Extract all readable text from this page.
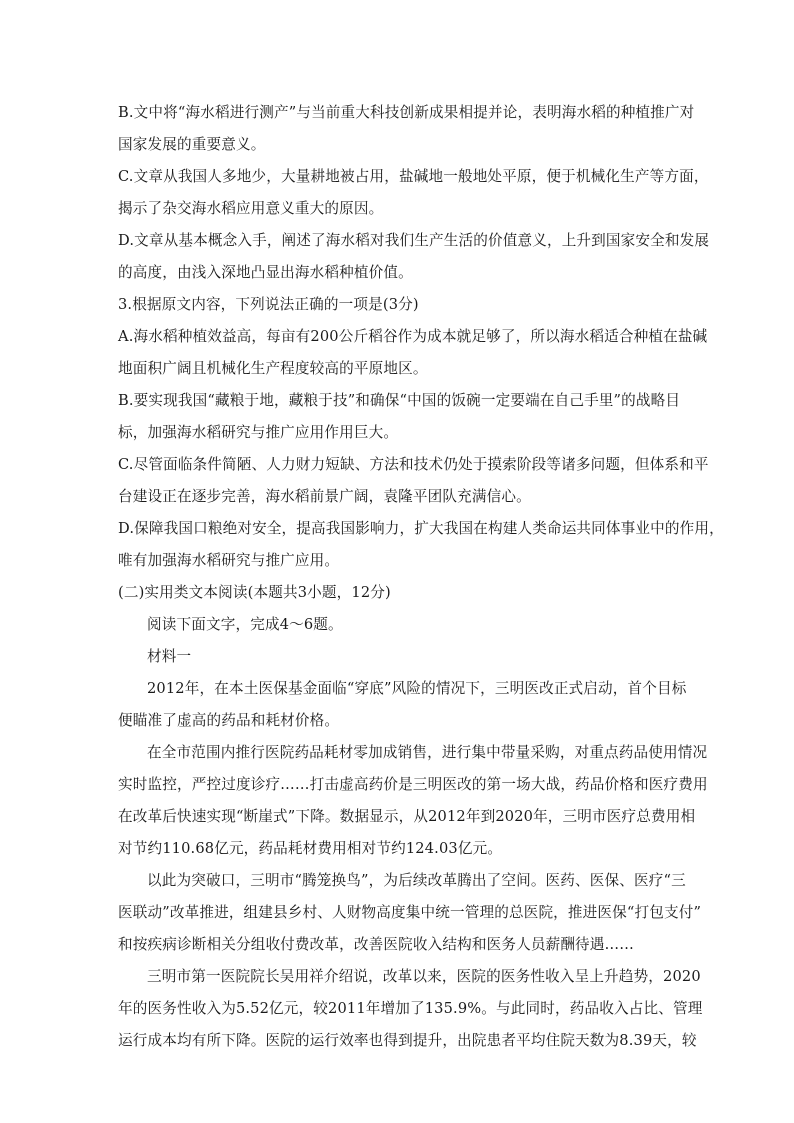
B.文中将“海水稻进行测产”与当前重大科技创新成果相提并论，表明海水稻的种植推广对

国家发展的重要意义。

C.文章从我国人多地少，大量耕地被占用，盐碱地一般地处平原，便于机械化生产等方面，

揭示了杂交海水稻应用意义重大的原因。

D.文章从基本概念入手，阐述了海水稻对我们生产生活的价值意义，上升到国家安全和发展

的高度，由浅入深地凸显出海水稻种植价值。

3.根据原文内容，下列说法正确的一项是(3分)

A.海水稻种植效益高，每亩有200公斤稻谷作为成本就足够了，所以海水稻适合种植在盐碱

地面积广阔且机械化生产程度较高的平原地区。

B.要实现我国“藏粮于地，藏粮于技”和确保“中国的饭碗一定要端在自己手里”的战略目

标，加强海水稻研究与推广应用作用巨大。

C.尽管面临条件简陋、人力财力短缺、方法和技术仍处于摸索阶段等诸多问题，但体系和平

台建设正在逐步完善，海水稻前景广阔，袁隆平团队充满信心。

D.保障我国口粮绝对安全，提高我国影响力，扩大我国在构建人类命运共同体事业中的作用，

唯有加强海水稻研究与推广应用。

(二)实用类文本阅读(本题共3小题，12分)

阅读下面文字，完成4～6题。

材料一

2012年，在本土医保基金面临“穿底”风险的情况下，三明医改正式启动，首个目标

便瞄准了虚高的药品和耗材价格。

在全市范围内推行医院药品耗材零加成销售，进行集中带量采购，对重点药品使用情况

实时监控，严控过度诊疗……打击虚高药价是三明医改的第一场大战，药品价格和医疗费用

在改革后快速实现“断崖式”下降。数据显示，从2012年到2020年，三明市医疗总费用相

对节约110.68亿元，药品耗材费用相对节约124.03亿元。

以此为突破口，三明市“腾笼换鸟”，为后续改革腾出了空间。医药、医保、医疗“三

医联动”改革推进，组建县乡村、人财物高度集中统一管理的总医院，推进医保“打包支付”

和按疾病诊断相关分组收付费改革，改善医院收入结构和医务人员薪酬待遇……

三明市第一医院院长吴用祥介绍说，改革以来，医院的医务性收入呈上升趋势，2020

年的医务性收入为5.52亿元，较2011年增加了135.9%。与此同时，药品收入占比、管理

运行成本均有所下降。医院的运行效率也得到提升，出院患者平均住院天数为8.39天，较
